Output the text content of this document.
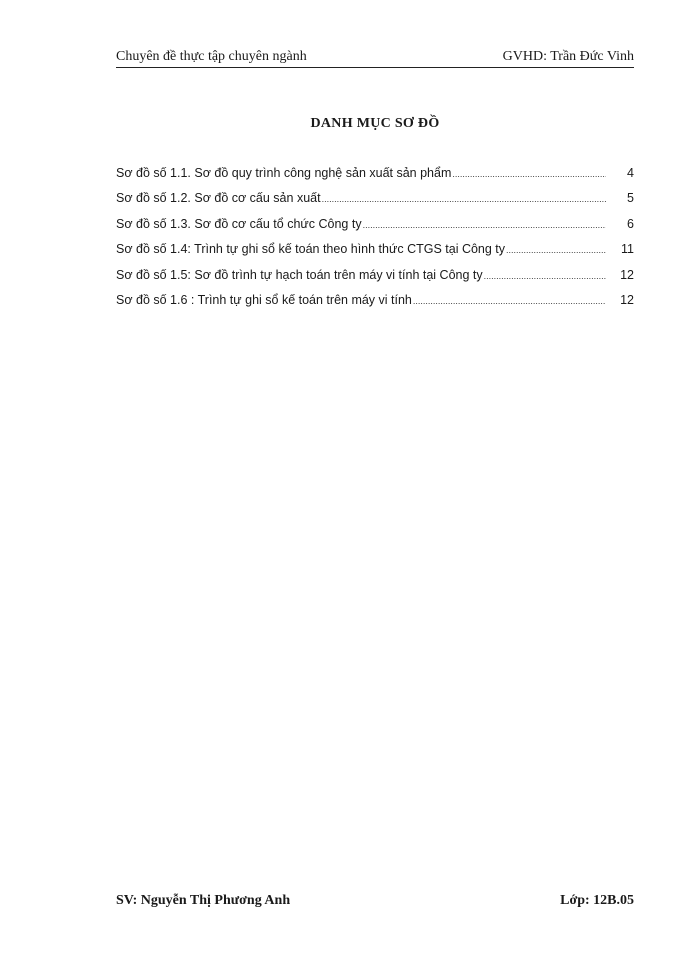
Chuyên đề thực tập chuyên ngành	GVHD: Trần Đức Vinh
DANH MỤC SƠ ĐỒ
Sơ đồ số 1.1. Sơ đồ quy trình công nghệ sản xuất sản phẩm .....	4
Sơ đồ số 1.2. Sơ đồ cơ cấu sản xuất .....	5
Sơ đồ số 1.3. Sơ đồ cơ cấu tổ chức Công ty .....	6
Sơ đồ số 1.4: Trình tự ghi sổ kế toán theo hình thức CTGS tại Công ty .....	11
Sơ đồ số 1.5: Sơ đồ trình tự hạch toán trên máy vi tính tại Công ty .....	12
Sơ đồ số 1.6 : Trình tự ghi sổ kế toán trên máy vi tính .....	12
SV: Nguyễn Thị Phương Anh	Lớp: 12B.05
